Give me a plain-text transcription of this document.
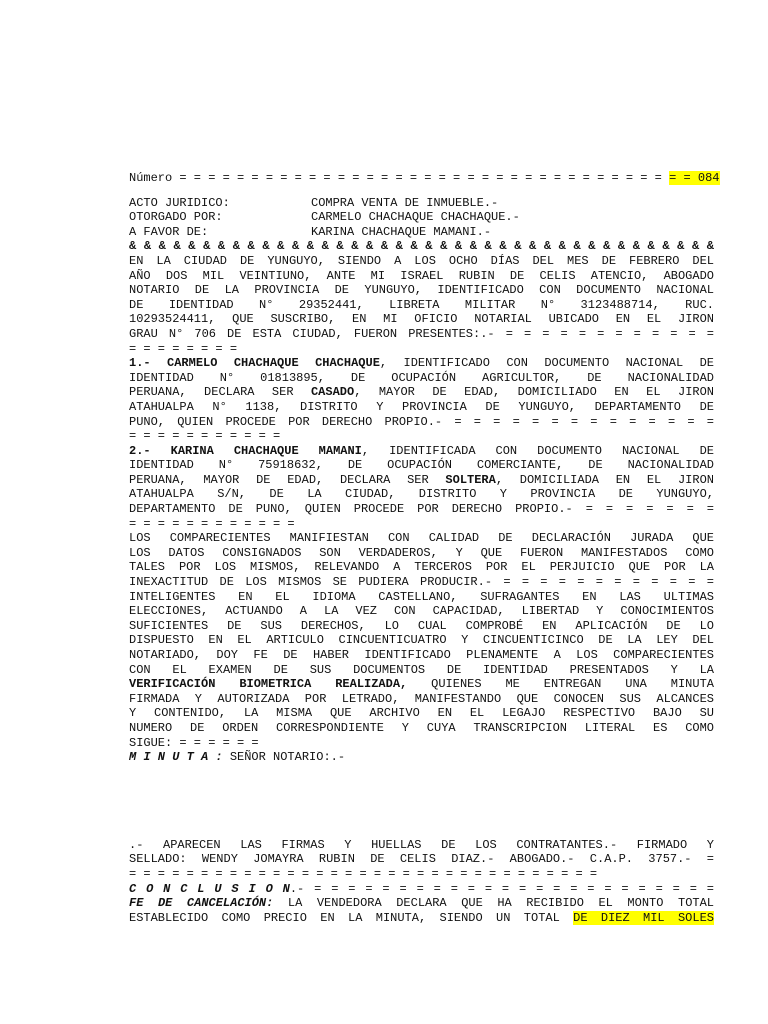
Número = = = = = = = = = = = = = = = = = = = = = = = = = = = = = = = = = = = = 084
ACTO JURIDICO:	COMPRA VENTA DE INMUEBLE.-
OTORGADO POR:	CARMELO CHACHAQUE CHACHAQUE.-
A FAVOR DE:	KARINA CHACHAQUE MAMANI.-
& & & & & & & & & & & & & & & & & & & & & & & & & & & & & & & & & & & & & & & &
EN LA CIUDAD DE YUNGUYO, SIENDO A LOS OCHO DÍAS DEL MES DE FEBRERO DEL
AÑO DOS MIL VEINTIUNO, ANTE MI ISRAEL RUBIN DE CELIS ATENCIO, ABOGADO
NOTARIO DE LA PROVINCIA DE YUNGUYO, IDENTIFICADO CON DOCUMENTO NACIONAL
DE IDENTIDAD N° 29352441, LIBRETA MILITAR N° 3123488714, RUC.
10293524411, QUE SUSCRIBO, EN MI OFICIO NOTARIAL UBICADO EN EL JIRON
GRAU N° 706 DE ESTA CIUDAD, FUERON PRESENTES:.- = = = = = = = = = = = =
= = = = = = = =
1.- CARMELO CHACHAQUE CHACHAQUE, IDENTIFICADO CON DOCUMENTO NACIONAL DE
IDENTIDAD N° 01813895, DE OCUPACIÓN AGRICULTOR, DE NACIONALIDAD
PERUANA, DECLARA SER CASADO, MAYOR DE EDAD, DOMICILIADO EN EL JIRON
ATAHUALPA N° 1138, DISTRITO Y PROVINCIA DE YUNGUYO, DEPARTAMENTO DE
PUNO, QUIEN PROCEDE POR DERECHO PROPIO.- = = = = = = = = = = = = = =
= = = = = = = = = = =
2.- KARINA CHACHAQUE MAMANI, IDENTIFICADA CON DOCUMENTO NACIONAL DE
IDENTIDAD N° 75918632, DE OCUPACIÓN COMERCIANTE, DE NACIONALIDAD
PERUANA, MAYOR DE EDAD, DECLARA SER SOLTERA, DOMICILIADA EN EL JIRON
ATAHUALPA S/N, DE LA CIUDAD, DISTRITO Y PROVINCIA DE YUNGUYO,
DEPARTAMENTO DE PUNO, QUIEN PROCEDE POR DERECHO PROPIO.- = = = = = = =
= = = = = = = = = = = =
LOS COMPARECIENTES MANIFIESTAN CON CALIDAD DE DECLARACIÓN JURADA QUE
LOS DATOS CONSIGNADOS SON VERDADEROS, Y QUE FUERON MANIFESTADOS COMO
TALES POR LOS MISMOS, RELEVANDO A TERCEROS POR EL PERJUICIO QUE POR LA
INEXACTITUD DE LOS MISMOS SE PUDIERA PRODUCIR.- = = = = = = = = = = = =
INTELIGENTES EN EL IDIOMA CASTELLANO, SUFRAGANTES EN LAS ULTIMAS
ELECCIONES, ACTUANDO A LA VEZ CON CAPACIDAD, LIBERTAD Y CONOCIMIENTOS
SUFICIENTES DE SUS DERECHOS, LO CUAL COMPROBÉ EN APLICACIÓN DE LO
DISPUESTO EN EL ARTICULO CINCUENTICUATRO Y CINCUENTICINCO DE LA LEY DEL
NOTARIADO, DOY FE DE HABER IDENTIFICADO PLENAMENTE A LOS COMPARECIENTES
CON EL EXAMEN DE SUS DOCUMENTOS DE IDENTIDAD PRESENTADOS Y LA
VERIFICACIÓN BIOMETRICA REALIZADA, QUIENES ME ENTREGAN UNA MINUTA
FIRMADA Y AUTORIZADA POR LETRADO, MANIFESTANDO QUE CONOCEN SUS ALCANCES
Y CONTENIDO, LA MISMA QUE ARCHIVO EN EL LEGAJO RESPECTIVO BAJO SU
NUMERO DE ORDEN CORRESPONDIENTE Y CUYA TRANSCRIPCION LITERAL ES COMO
SIGUE: = = = = = =
M I N U T A : SEÑOR NOTARIO:.-
.- APARECEN LAS FIRMAS Y HUELLAS DE LOS CONTRATANTES.- FIRMADO Y
SELLADO: WENDY JOMAYRA RUBIN DE CELIS DIAZ.- ABOGADO.- C.A.P. 3757.- =
= = = = = = = = = = = = = = = = = = = = = = = = = = = = = = = = =
C O N C L U S I O N.- = = = = = = = = = = = = = = = = = = = = = = = =
FE DE CANCELACIÓN: LA VENDEDORA DECLARA QUE HA RECIBIDO EL MONTO TOTAL
ESTABLECIDO COMO PRECIO EN LA MINUTA, SIENDO UN TOTAL DE DIEZ MIL SOLES
